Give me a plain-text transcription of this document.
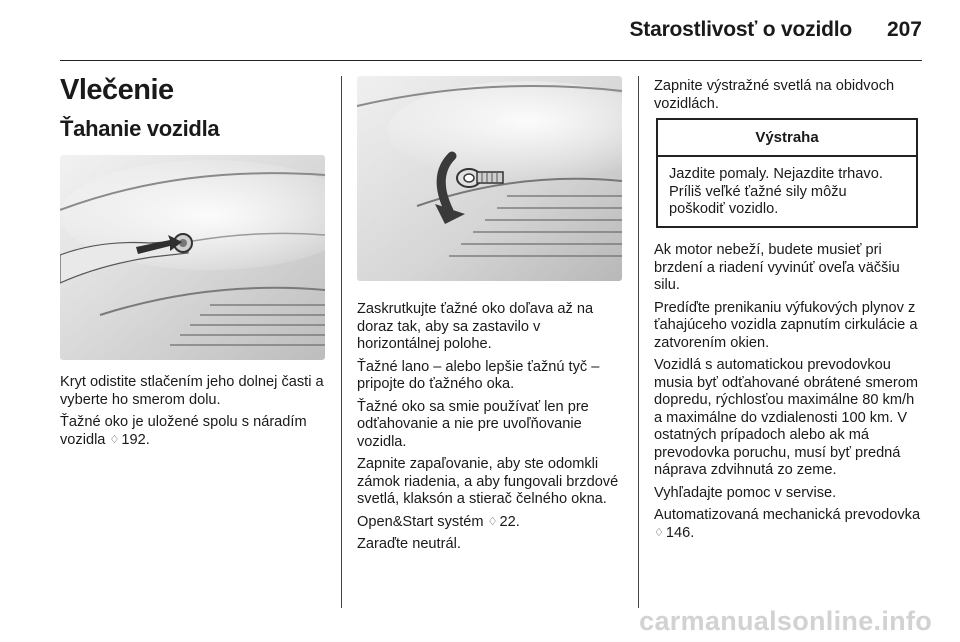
Starostlivosť o vozidlo 207
Vlečenie
Ťahanie vozidla

Kryt odistite stlačením jeho dolnej časti a vyberte ho smerom dolu.

Ťažné oko je uložené spolu s náradím vozidla ♢ 192.

Zaskrutkujte ťažné oko doľava až na doraz tak, aby sa zastavilo v horizontálnej polohe.

Ťažné lano – alebo lepšie ťažnú tyč – pripojte do ťažného oka.

Ťažné oko sa smie používať len pre odťahovanie a nie pre uvoľňovanie vozidla.

Zapnite zapaľovanie, aby ste odomkli zámok riadenia, a aby fungovali brzdové svetlá, klaksón a stierač čelného okna.

Open&Start systém ♢ 22.

Zaraďte neutrál.

Zapnite výstražné svetlá na obidvoch vozidlách.

Výstraha
Jazdite pomaly. Nejazdite trhavo. Príliš veľké ťažné sily môžu poškodiť vozidlo.

Ak motor nebeží, budete musieť pri brzdení a riadení vyvinúť oveľa väčšiu silu.

Predíďte prenikaniu výfukových plynov z ťahajúceho vozidla zapnutím cirkulácie a zatvorením okien.

Vozidlá s automatickou prevodovkou musia byť odťahované obrátené smerom dopredu, rýchlosťou maximálne 80 km/h a maximálne do vzdialenosti 100 km. V ostatných prípadoch alebo ak má prevodovka poruchu, musí byť predná náprava zdvihnutá zo zeme.

Vyhľadajte pomoc v servise.

Automatizovaná mechanická prevodovka ♢ 146.

carmanualsonline.info
